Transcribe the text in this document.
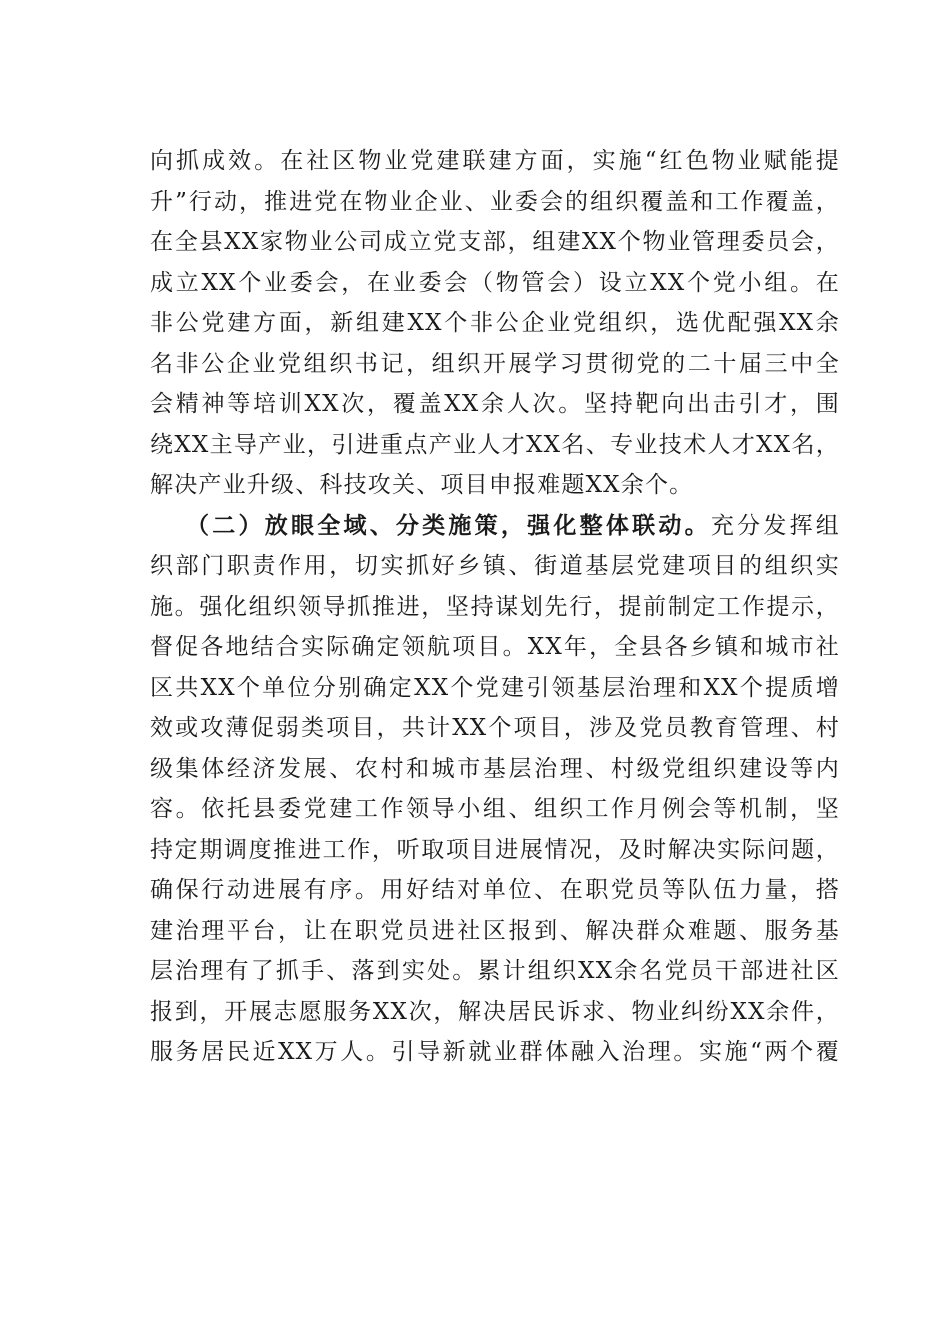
向抓成效。在社区物业党建联建方面，实施“红色物业赋能提
升”行动，推进党在物业企业、业委会的组织覆盖和工作覆盖，
在全县XX家物业公司成立党支部，组建XX个物业管理委员会，
成立XX个业委会，在业委会（物管会）设立XX个党小组。在
非公党建方面，新组建XX个非公企业党组织，选优配强XX余
名非公企业党组织书记，组织开展学习贯彻党的二十届三中全
会精神等培训XX次，覆盖XX余人次。坚持靶向出击引才，围
绕XX主导产业，引进重点产业人才XX名、专业技术人才XX名，
解决产业升级、科技攻关、项目申报难题XX余个。
（二）放眼全域、分类施策，强化整体联动。充分发挥组
织部门职责作用，切实抓好乡镇、街道基层党建项目的组织实
施。强化组织领导抓推进，坚持谋划先行，提前制定工作提示，
督促各地结合实际确定领航项目。XX年，全县各乡镇和城市社
区共XX个单位分别确定XX个党建引领基层治理和XX个提质增
效或攻薄促弱类项目，共计XX个项目，涉及党员教育管理、村
级集体经济发展、农村和城市基层治理、村级党组织建设等内
容。依托县委党建工作领导小组、组织工作月例会等机制，坚
持定期调度推进工作，听取项目进展情况，及时解决实际问题，
确保行动进展有序。用好结对单位、在职党员等队伍力量，搭
建治理平台，让在职党员进社区报到、解决群众难题、服务基
层治理有了抓手、落到实处。累计组织XX余名党员干部进社区
报到，开展志愿服务XX次，解决居民诉求、物业纠纷XX余件，
服务居民近XX万人。引导新就业群体融入治理。实施“两个覆
